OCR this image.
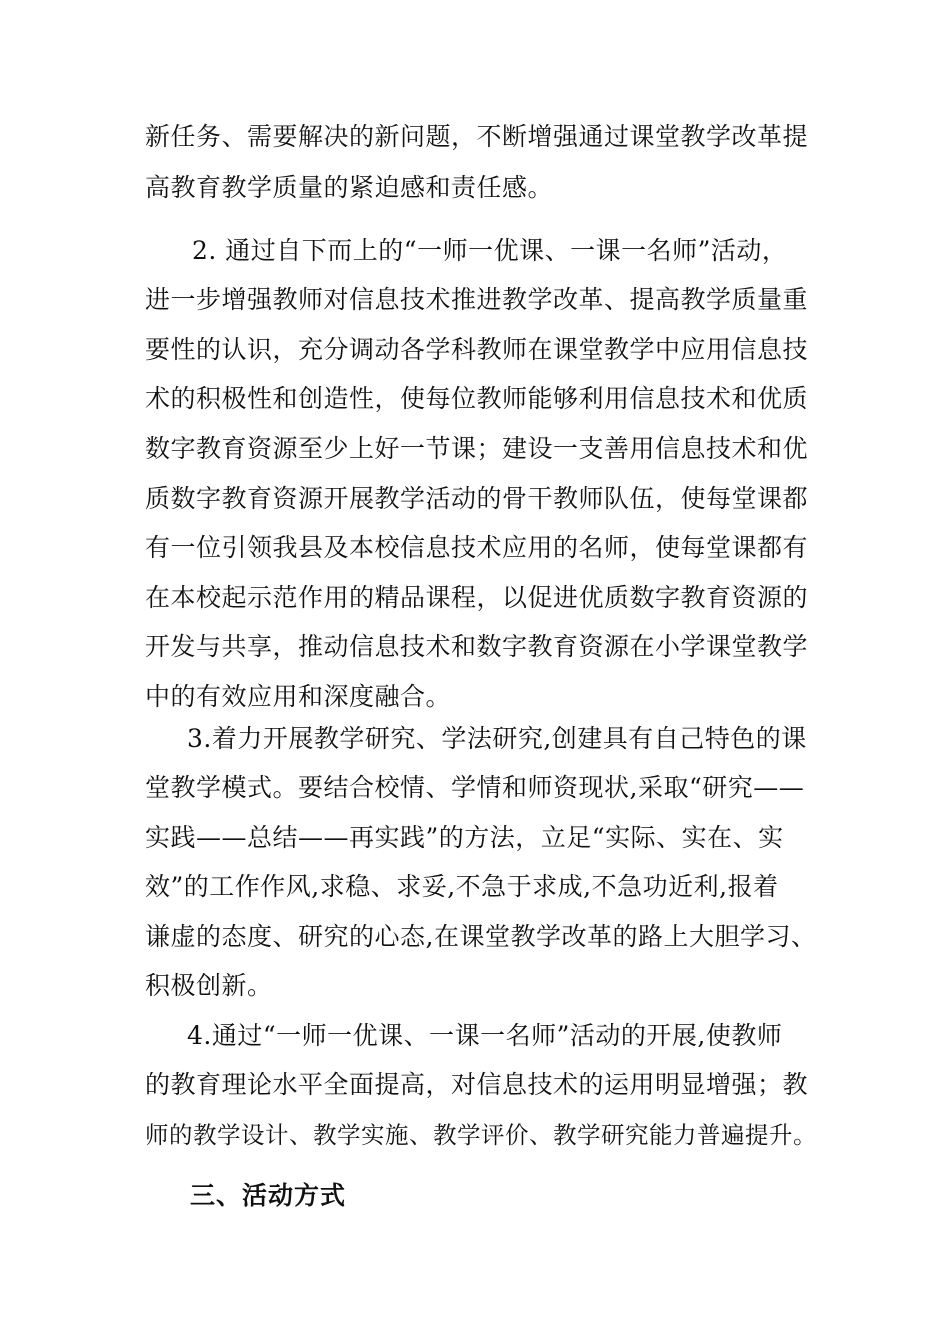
新任务、需要解决的新问题，不断增强通过课堂教学改革提
高教育教学质量的紧迫感和责任感。
2. 通过自下而上的“一师一优课、一课一名师”活动，
进一步增强教师对信息技术推进教学改革、提高教学质量重
要性的认识，充分调动各学科教师在课堂教学中应用信息技
术的积极性和创造性，使每位教师能够利用信息技术和优质
数字教育资源至少上好一节课；建设一支善用信息技术和优
质数字教育资源开展教学活动的骨干教师队伍，使每堂课都
有一位引领我县及本校信息技术应用的名师，使每堂课都有
在本校起示范作用的精品课程，以促进优质数字教育资源的
开发与共享，推动信息技术和数字教育资源在小学课堂教学
中的有效应用和深度融合。
3.着力开展教学研究、学法研究,创建具有自己特色的课
堂教学模式。要结合校情、学情和师资现状,采取“研究——
实践——总结——再实践”的方法，立足“实际、实在、实
效”的工作作风,求稳、求妥,不急于求成,不急功近利,报着
谦虚的态度、研究的心态,在课堂教学改革的路上大胆学习、
积极创新。
4.通过“一师一优课、一课一名师”活动的开展,使教师
的教育理论水平全面提高，对信息技术的运用明显增强；教
师的教学设计、教学实施、教学评价、教学研究能力普遍提升。
三、活动方式
